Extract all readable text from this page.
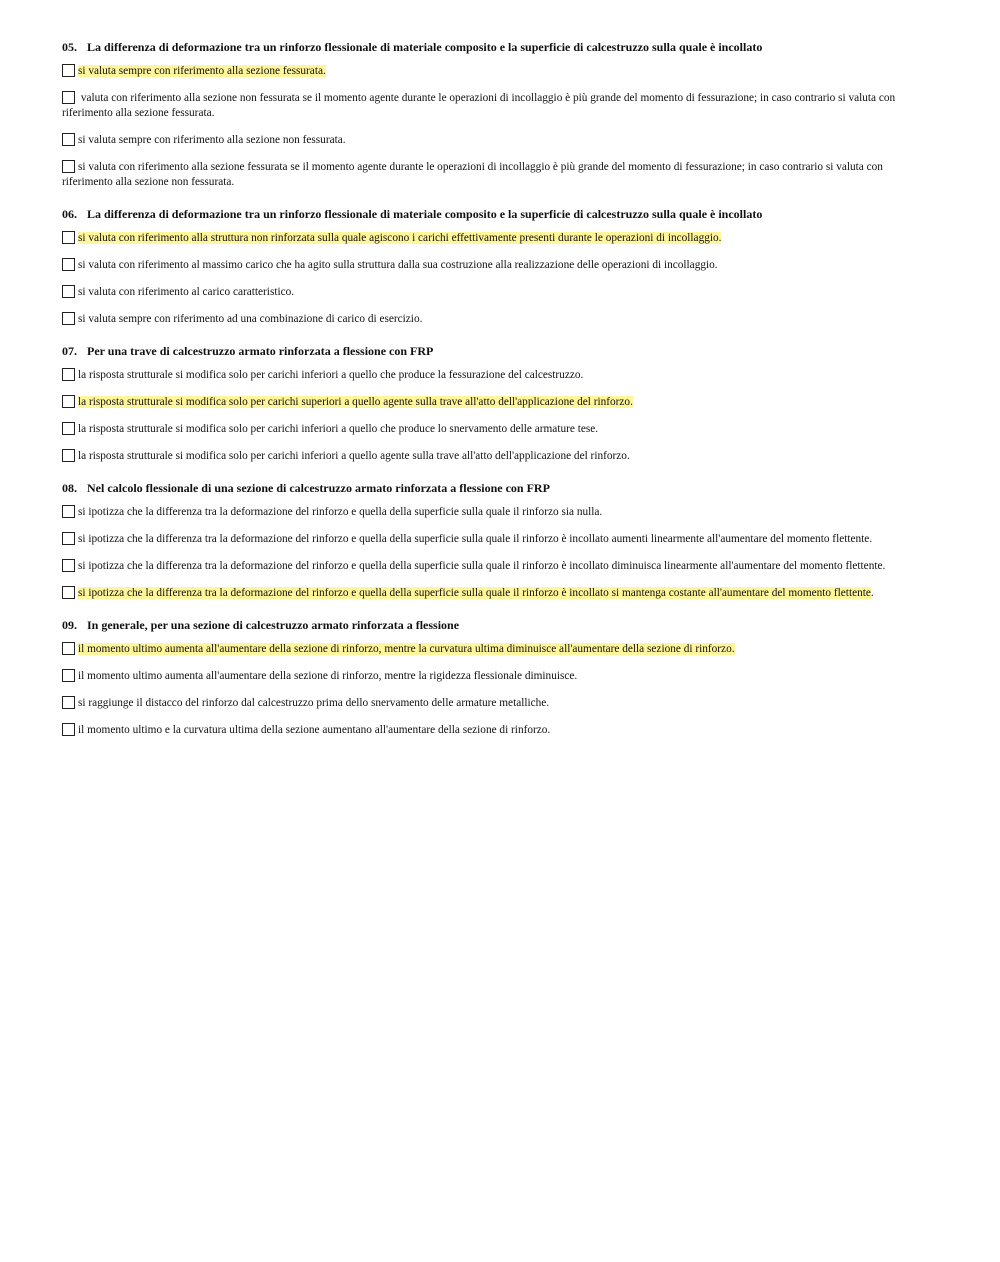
05. La differenza di deformazione tra un rinforzo flessionale di materiale composito e la superficie di calcestruzzo sulla quale è incollato
si valuta sempre con riferimento alla sezione fessurata.
valuta con riferimento alla sezione non fessurata se il momento agente durante le operazioni di incollaggio è più grande del momento di fessurazione; in caso contrario si valuta con riferimento alla sezione fessurata.
si valuta sempre con riferimento alla sezione non fessurata.
si valuta con riferimento alla sezione fessurata se il momento agente durante le operazioni di incollaggio è più grande del momento di fessurazione; in caso contrario si valuta con riferimento alla sezione non fessurata.
06. La differenza di deformazione tra un rinforzo flessionale di materiale composito e la superficie di calcestruzzo sulla quale è incollato
si valuta con riferimento alla struttura non rinforzata sulla quale agiscono i carichi effettivamente presenti durante le operazioni di incollaggio.
si valuta con riferimento al massimo carico che ha agito sulla struttura dalla sua costruzione alla realizzazione delle operazioni di incollaggio.
si valuta con riferimento al carico caratteristico.
si valuta sempre con riferimento ad una combinazione di carico di esercizio.
07. Per una trave di calcestruzzo armato rinforzata a flessione con FRP
la risposta strutturale si modifica solo per carichi inferiori a quello che produce la fessurazione del calcestruzzo.
la risposta strutturale si modifica solo per carichi superiori a quello agente sulla trave all'atto dell'applicazione del rinforzo.
la risposta strutturale si modifica solo per carichi inferiori a quello che produce lo snervamento delle armature tese.
la risposta strutturale si modifica solo per carichi inferiori a quello agente sulla trave all'atto dell'applicazione del rinforzo.
08. Nel calcolo flessionale di una sezione di calcestruzzo armato rinforzata a flessione con FRP
si ipotizza che la differenza tra la deformazione del rinforzo e quella della superficie sulla quale il rinforzo sia nulla.
si ipotizza che la differenza tra la deformazione del rinforzo e quella della superficie sulla quale il rinforzo è incollato aumenti linearmente all'aumentare del momento flettente.
si ipotizza che la differenza tra la deformazione del rinforzo e quella della superficie sulla quale il rinforzo è incollato diminuisca linearmente all'aumentare del momento flettente.
si ipotizza che la differenza tra la deformazione del rinforzo e quella della superficie sulla quale il rinforzo è incollato si mantenga costante all'aumentare del momento flettente.
09. In generale, per una sezione di calcestruzzo armato rinforzata a flessione
il momento ultimo aumenta all'aumentare della sezione di rinforzo, mentre la curvatura ultima diminuisce all'aumentare della sezione di rinforzo.
il momento ultimo aumenta all'aumentare della sezione di rinforzo, mentre la rigidezza flessionale diminuisce.
si raggiunge il distacco del rinforzo dal calcestruzzo prima dello snervamento delle armature metalliche.
il momento ultimo e la curvatura ultima della sezione aumentano all'aumentare della sezione di rinforzo.
